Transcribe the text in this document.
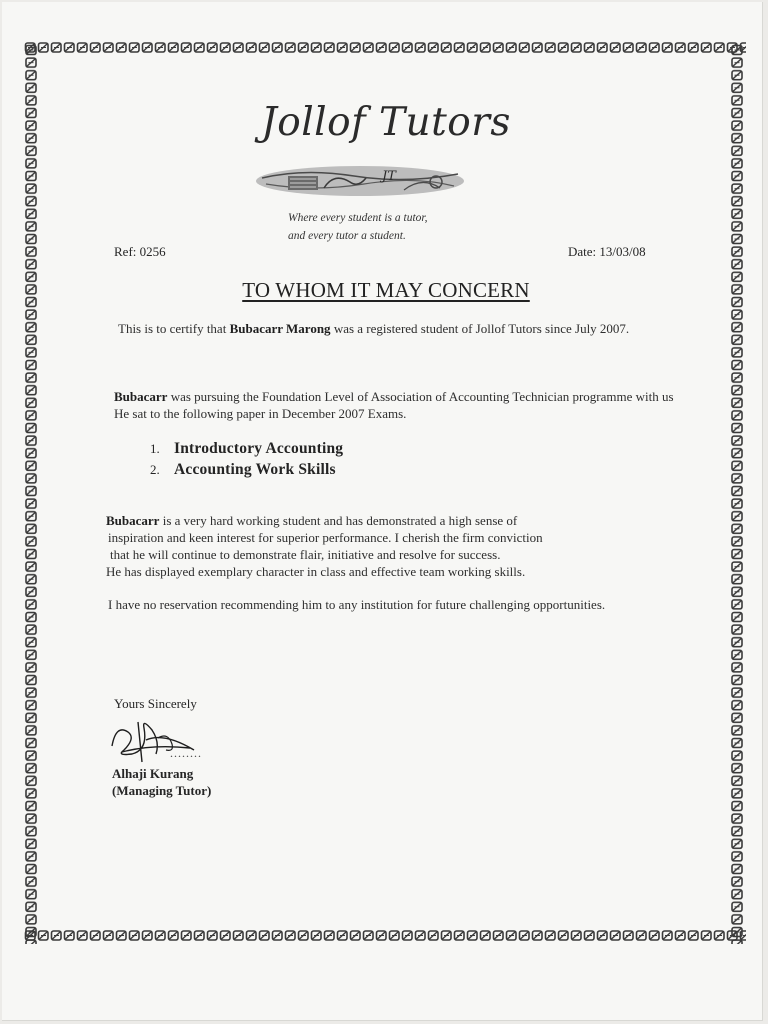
Jollof Tutors
JT
Where every student is a tutor,
and every tutor a student.
Ref: 0256	Date: 13/03/08
TO WHOM IT MAY CONCERN
This is to certify that Bubacarr Marong was a registered student of Jollof Tutors since July 2007.
Bubacarr was pursuing the Foundation Level of Association of Accounting Technician programme with us He sat to the following paper in December 2007 Exams.
1. Introductory Accounting
2. Accounting Work Skills
Bubacarr is a very hard working student and has demonstrated a high sense of
inspiration and keen interest for superior performance. I cherish the firm conviction
that he will continue to demonstrate flair, initiative and resolve for success.
He has displayed exemplary character in class and effective team working skills.
I have no reservation recommending him to any institution for future challenging opportunities.
Yours Sincerely
........
Alhaji Kurang
(Managing Tutor)
